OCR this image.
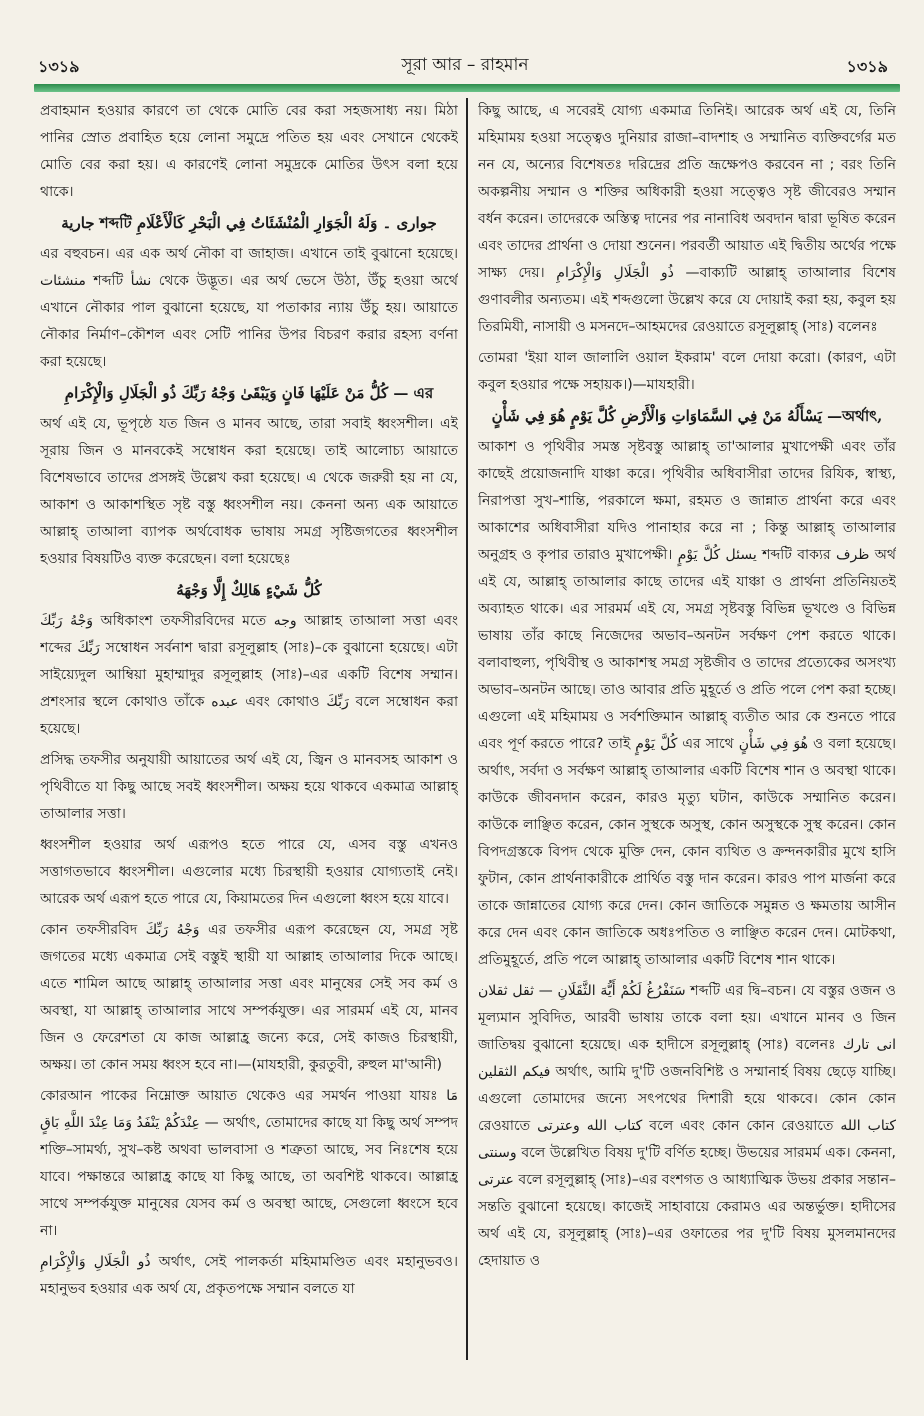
১৩১৯	সূরা আর – রাহমান	১৩১৯

প্রবাহমান হওয়ার কারণে তা থেকে মোতি বের করা সহজসাধ্য নয়। মিঠা পানির স্রোত প্রবাহিত হয়ে লোনা সমুদ্রে পতিত হয় এবং সেখানে থেকেই মোতি বের করা হয়। এ কারণেই লোনা সমুদ্রকে মোতির উৎস বলা হয়ে থাকে।

جارية শব্দটি جوارى ۔ وَلَهُ الْجَوَارِ الْمُنْشَئَاتُ فِي الْبَحْرِ كَالْأَعْلَامِ

এর বহুবচন। এর এক অর্থ নৌকা বা জাহাজ। এখানে তাই বুঝানো হয়েছে। منشئات শব্দটি نشأ থেকে উদ্ভূত। এর অর্থ ভেসে উঠা, উঁচু হওয়া অর্থে এখানে নৌকার পাল বুঝানো হয়েছে, যা পতাকার ন্যায় উঁচু হয়। আয়াতে নৌকার নির্মাণ–কৌশল এবং সেটি পানির উপর বিচরণ করার রহস্য বর্ণনা করা হয়েছে।

كُلُّ مَنْ عَلَيْهَا فَانٍ وَيَبْقَىٰ وَجْهُ رَبِّكَ ذُو الْجَلَالِ وَالْإِكْرَامِ — এর

অর্থ এই যে, ভূপৃষ্ঠে যত জিন ও মানব আছে, তারা সবাই ধ্বংসশীল। এই সূরায় জিন ও মানবকেই সম্বোধন করা হয়েছে। তাই আলোচ্য আয়াতে বিশেষভাবে তাদের প্রসঙ্গই উল্লেখ করা হয়েছে। এ থেকে জরুরী হয় না যে, আকাশ ও আকাশস্থিত সৃষ্ট বস্তু ধ্বংসশীল নয়। কেননা অন্য এক আয়াতে আল্লাহ্ তাআলা ব্যাপক অর্থবোধক ভাষায় সমগ্র সৃষ্টিজগতের ধ্বংসশীল হওয়ার বিষয়টিও ব্যক্ত করেছেন। বলা হয়েছেঃ

كُلُّ شَيْءٍ هَالِكٌ إِلَّا وَجْهَهُ

وَجْهُ رَبِّكَ অধিকাংশ তফসীরবিদের মতে وجه আল্লাহ তাআলা সত্তা এবং শব্দের رَبِّكَ সম্বোধন সর্বনাশ দ্বারা রসূলুল্লাহ (সাঃ)–কে বুঝানো হয়েছে। এটা সাইয়্যেদুল আম্বিয়া মুহাম্মাদুর রসূলুল্লাহ (সাঃ)–এর একটি বিশেষ সম্মান। প্রশংসার স্থলে কোথাও তাঁকে عبده এবং কোথাও رَبِّكَ বলে সম্বোধন করা হয়েছে।

প্রসিদ্ধ তফসীর অনুযায়ী আয়াতের অর্থ এই যে, জ্বিন ও মানবসহ আকাশ ও পৃথিবীতে যা কিছু আছে সবই ধ্বংসশীল। অক্ষয় হয়ে থাকবে একমাত্র আল্লাহ্ তাআলার সত্তা।

ধ্বংসশীল হওয়ার অর্থ এরূপও হতে পারে যে, এসব বস্তু এখনও সত্তাগতভাবে ধ্বংসশীল। এগুলোর মধ্যে চিরস্থায়ী হওয়ার যোগ্যতাই নেই। আরেক অর্থ এরূপ হতে পারে যে, কিয়ামতের দিন এগুলো ধ্বংস হয়ে যাবে।

কোন তফসীরবিদ وَجْهُ رَبِّكَ এর তফসীর এরূপ করেছেন যে, সমগ্র সৃষ্ট জগতের মধ্যে একমাত্র সেই বস্তুই স্থায়ী যা আল্লাহ তাআলার দিকে আছে। এতে শামিল আছে আল্লাহ্ তাআলার সত্তা এবং মানুষের সেই সব কর্ম ও অবস্থা, যা আল্লাহ্ তাআলার সাথে সম্পর্কযুক্ত। এর সারমর্ম এই যে, মানব জিন ও ফেরেশতা যে কাজ আল্লাহ্র জন্যে করে, সেই কাজও চিরস্থায়ী, অক্ষয়। তা কোন সময় ধ্বংস হবে না।—(মাযহারী, কুরতুবী, রুহুল মা'আনী)

কোরআন পাকের নিম্নোক্ত আয়াত থেকেও এর সমর্থন পাওয়া যায়ঃ مَا عِنْدَكُمْ يَنْفَدُ وَمَا عِنْدَ اللَّهِ بَاقٍ — অর্থাৎ, তোমাদের কাছে যা কিছু অর্থ সম্পদ শক্তি–সামর্থ্য, সুখ–কষ্ট অথবা ভালবাসা ও শত্রুতা আছে, সব নিঃশেষ হয়ে যাবে। পক্ষান্তরে আল্লাহ্র কাছে যা কিছু আছে, তা অবশিষ্ট থাকবে। আল্লাহ্র সাথে সম্পর্কযুক্ত মানুষের যেসব কর্ম ও অবস্থা আছে, সেগুলো ধ্বংসে হবে না।

ذُو الْجَلَالِ وَالْإِكْرَامِ অর্থাৎ, সেই পালকর্তা মহিমামণ্ডিত এবং মহানুভবও। মহানুভব হওয়ার এক অর্থ যে, প্রকৃতপক্ষে সম্মান বলতে যা

কিছু আছে, এ সবেরই যোগ্য একমাত্র তিনিই। আরেক অর্থ এই যে, তিনি মহিমাময় হওয়া সত্ত্বেও দুনিয়ার রাজা–বাদশাহ ও সম্মানিত ব্যক্তিবর্গের মত নন যে, অন্যের বিশেষতঃ দরিদ্রের প্রতি ভ্রূক্ষেপও করবেন না ; বরং তিনি অকল্পনীয় সম্মান ও শক্তির অধিকারী হওয়া সত্ত্বেও সৃষ্ট জীবেরও সম্মান বর্ধন করেন। তাদেরকে অস্তিত্ব দানের পর নানাবিধ অবদান দ্বারা ভূষিত করেন এবং তাদের প্রার্থনা ও দোয়া শুনেন। পরবর্তী আয়াত এই দ্বিতীয় অর্থের পক্ষে সাক্ষ্য দেয়। ذُو الْجَلَالِ وَالْإِكْرَامِ —বাক্যটি আল্লাহ্ তাআলার বিশেষ গুণাবলীর অন্যতম। এই শব্দগুলো উল্লেখ করে যে দোয়াই করা হয়, কবুল হয় তিরমিযী, নাসায়ী ও মসনদে–আহমদের রেওয়াতে রসূলুল্লাহ্ (সাঃ) বলেনঃ

তোমরা 'ইয়া যাল জালালি ওয়াল ইকরাম' বলে দোয়া করো। (কারণ, এটা কবুল হওয়ার পক্ষে সহায়ক।)—মাযহারী।

يَسْأَلُهُ مَنْ فِي السَّمَاوَاتِ وَالْأَرْضِ كُلَّ يَوْمٍ هُوَ فِي شَأْنٍ —অর্থাৎ,

আকাশ ও পৃথিবীর সমস্ত সৃষ্টবস্তু আল্লাহ্ তা'আলার মুখাপেক্ষী এবং তাঁর কাছেই প্রয়োজনাদি যাঞ্চা করে। পৃথিবীর অধিবাসীরা তাদের রিযিক, স্বাস্থ্য, নিরাপত্তা সুখ–শান্তি, পরকালে ক্ষমা, রহমত ও জান্নাত প্রার্থনা করে এবং আকাশের অধিবাসীরা যদিও পানাহার করে না ; কিন্তু আল্লাহ্ তাআলার অনুগ্রহ ও কৃপার তারাও মুখাপেক্ষী। يسئل كُلَّ يَوْمٍ শব্দটি বাক্যর ظرف অর্থ এই যে, আল্লাহ্ তাআলার কাছে তাদের এই যাঞ্চা ও প্রার্থনা প্রতিনিয়তই অব্যাহত থাকে। এর সারমর্ম এই যে, সমগ্র সৃষ্টবস্তু বিভিন্ন ভূখণ্ডে ও বিভিন্ন ভাষায় তাঁর কাছে নিজেদের অভাব–অনটন সর্বক্ষণ পেশ করতে থাকে। বলাবাহুল্য, পৃথিবীস্থ ও আকাশস্থ সমগ্র সৃষ্টজীব ও তাদের প্রত্যেকের অসংখ্য অভাব–অনটন আছে। তাও আবার প্রতি মুহূর্তে ও প্রতি পলে পেশ করা হচ্ছে। এগুলো এই মহিমাময় ও সর্বশক্তিমান আল্লাহ্ ব্যতীত আর কে শুনতে পারে এবং পূর্ণ করতে পারে? তাই كُلَّ يَوْمٍ এর সাথে هُوَ فِي شَأْنٍ ও বলা হয়েছে। অর্থাৎ, সর্বদা ও সর্বক্ষণ আল্লাহ্ তাআলার একটি বিশেষ শান ও অবস্থা থাকে। কাউকে জীবনদান করেন, কারও মৃত্যু ঘটান, কাউকে সম্মানিত করেন। কাউকে লাঞ্ছিত করেন, কোন সুস্থকে অসুস্থ, কোন অসুস্থকে সুস্থ করেন। কোন বিপদগ্রস্তকে বিপদ থেকে মুক্তি দেন, কোন ব্যথিত ও ক্রন্দনকারীর মুখে হাসি ফুটান, কোন প্রার্থনাকারীকে প্রার্থিত বস্তু দান করেন। কারও পাপ মার্জনা করে তাকে জান্নাতের যোগ্য করে দেন। কোন জাতিকে সমুন্নত ও ক্ষমতায় আসীন করে দেন এবং কোন জাতিকে অধঃপতিত ও লাঞ্ছিত করেন দেন। মোটকথা, প্রতিমুহূর্তে, প্রতি পলে আল্লাহ্ তাআলার একটি বিশেষ শান থাকে।

سَنَفْرُغُ لَكُمْ أَيُّهَ الثَّقَلَانِ — ثقل ثقلان শব্দটি এর দ্বি–বচন। যে বস্তুর ওজন ও মূল্যমান সুবিদিত, আরবী ভাষায় তাকে বলা হয়। এখানে মানব ও জিন জাতিদ্বয় বুঝানো হয়েছে। এক হাদীসে রসূলুল্লাহ্ (সাঃ) বলেনঃ انى تارك فيكم الثقلين অর্থাৎ, আমি দু'টি ওজনবিশিষ্ট ও সম্মানার্হ বিষয় ছেড়ে যাচ্ছি। এগুলো তোমাদের জন্যে সৎপথের দিশারী হয়ে থাকবে। কোন কোন রেওয়াতে كتاب الله وعترتى বলে এবং কোন কোন রেওয়াতে كتاب الله وسنتى বলে উল্লেখিত বিষয় দু'টি বর্ণিত হচ্ছে। উভয়ের সারমর্ম এক। কেননা, عترتى বলে রসূলুল্লাহ্ (সাঃ)–এর বংশগত ও আধ্যাত্মিক উভয় প্রকার সন্তান–সন্ততি বুঝানো হয়েছে। কাজেই সাহাবায়ে কেরামও এর অন্তর্ভুক্ত। হাদীসের অর্থ এই যে, রসূলুল্লাহ্ (সাঃ)–এর ওফাতের পর দু'টি বিষয় মুসলমানদের হেদায়াত ও
